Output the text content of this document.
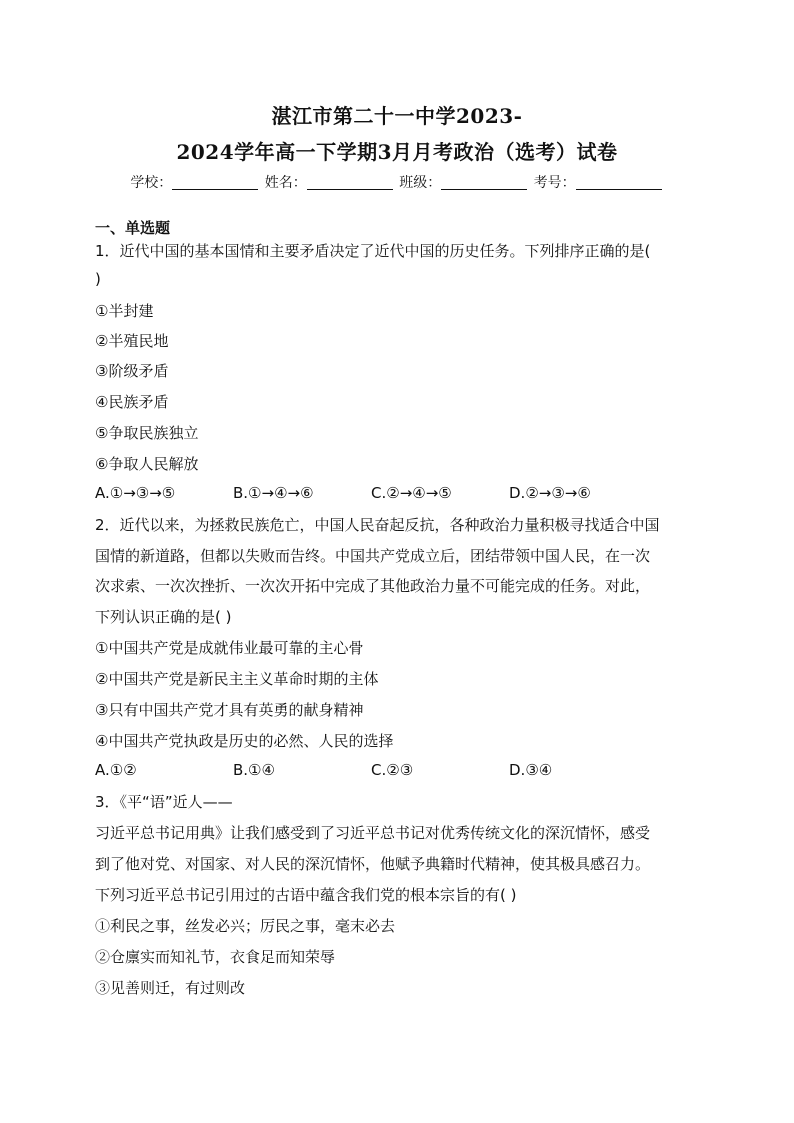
湛江市第二十一中学2023-
2024学年高一下学期3月月考政治（选考）试卷
学校：	姓名：	班级：	考号：
一、单选题
1．近代中国的基本国情和主要矛盾决定了近代中国的历史任务。下列排序正确的是(
)
①半封建
②半殖民地
③阶级矛盾
④民族矛盾
⑤争取民族独立
⑥争取人民解放
A.①→③→⑤	B.①→④→⑥	C.②→④→⑤	D.②→③→⑥
2．近代以来，为拯救民族危亡，中国人民奋起反抗，各种政治力量积极寻找适合中国
国情的新道路，但都以失败而告终。中国共产党成立后，团结带领中国人民，在一次
次求索、一次次挫折、一次次开拓中完成了其他政治力量不可能完成的任务。对此，
下列认识正确的是( )
①中国共产党是成就伟业最可靠的主心骨
②中国共产党是新民主主义革命时期的主体
③只有中国共产党才具有英勇的献身精神
④中国共产党执政是历史的必然、人民的选择
A.①②	B.①④	C.②③	D.③④
3．《平“语”近人——
习近平总书记用典》让我们感受到了习近平总书记对优秀传统文化的深沉情怀，感受
到了他对党、对国家、对人民的深沉情怀，他赋予典籍时代精神，使其极具感召力。
下列习近平总书记引用过的古语中蕴含我们党的根本宗旨的有( )
①利民之事，丝发必兴；厉民之事，毫末必去
②仓廪实而知礼节，衣食足而知荣辱
③见善则迁，有过则改
